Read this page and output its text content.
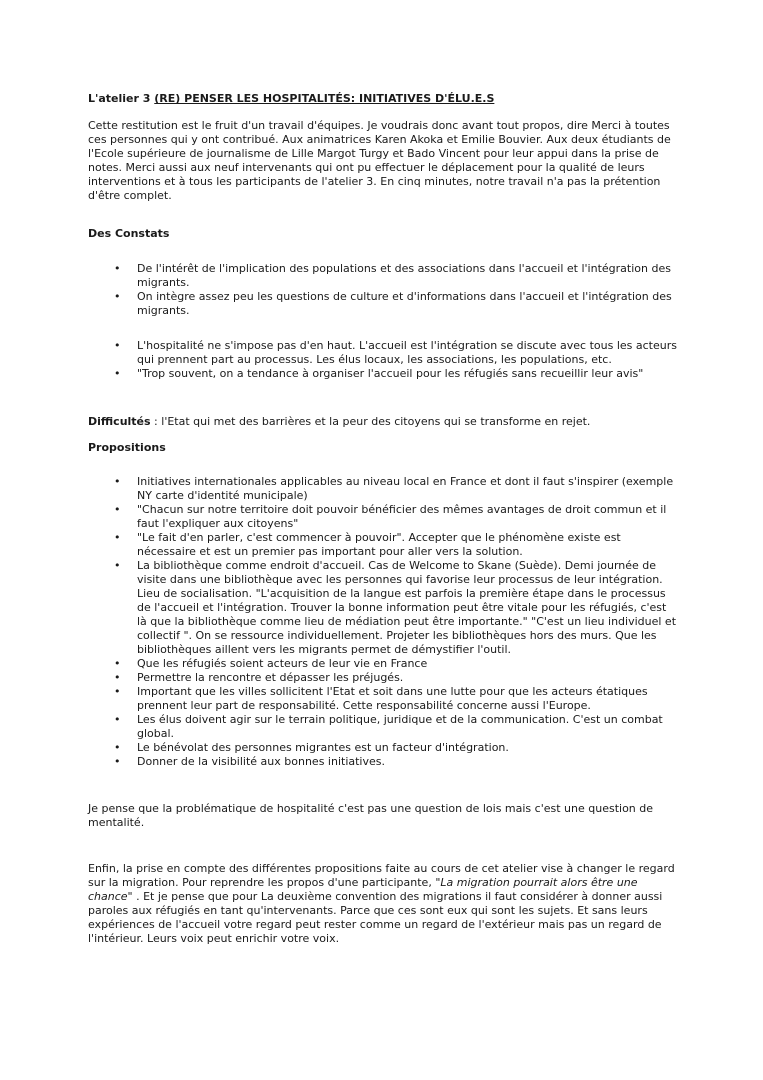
L'atelier 3 (RE) PENSER LES HOSPITALITÉS: INITIATIVES D'ÉLU.E.S

Cette restitution est le fruit d'un travail d'équipes. Je voudrais donc avant tout propos, dire Merci à toutes ces personnes qui y ont contribué. Aux animatrices Karen Akoka et Emilie Bouvier. Aux deux étudiants de l'Ecole supérieure de journalisme de Lille Margot Turgy et Bado Vincent pour leur appui dans la prise de notes. Merci aussi aux neuf intervenants qui ont pu effectuer le déplacement pour la qualité de leurs interventions et à tous les participants de l'atelier 3. En cinq minutes, notre travail n'a pas la prétention d'être complet.

Des Constats

• De l'intérêt de l'implication des populations et des associations dans l'accueil et l'intégration des migrants.
• On intègre assez peu les questions de culture et d'informations dans l'accueil et l'intégration des migrants.
• L'hospitalité ne s'impose pas d'en haut. L'accueil est l'intégration se discute avec tous les acteurs qui prennent part au processus. Les élus locaux, les associations, les populations, etc.
• "Trop souvent, on a tendance à organiser l'accueil pour les réfugiés sans recueillir leur avis"

Difficultés : l'Etat qui met des barrières et la peur des citoyens qui se transforme en rejet.

Propositions

• Initiatives internationales applicables au niveau local en France et dont il faut s'inspirer (exemple NY carte d'identité municipale)
• "Chacun sur notre territoire doit pouvoir bénéficier des mêmes avantages de droit commun et il faut l'expliquer aux citoyens"
• "Le fait d'en parler, c'est commencer à pouvoir". Accepter que le phénomène existe est nécessaire et est un premier pas important pour aller vers la solution.
• La bibliothèque comme endroit d'accueil. Cas de Welcome to Skane (Suède). Demi journée de visite dans une bibliothèque avec les personnes qui favorise leur processus de leur intégration. Lieu de socialisation. "L'acquisition de la langue est parfois la première étape dans le processus de l'accueil et l'intégration. Trouver la bonne information peut être vitale pour les réfugiés, c'est là que la bibliothèque comme lieu de médiation peut être importante." "C'est un lieu individuel et collectif ". On se ressource individuellement. Projeter les bibliothèques hors des murs. Que les bibliothèques aillent vers les migrants permet de démystifier l'outil.
• Que les réfugiés soient acteurs de leur vie en France
• Permettre la rencontre et dépasser les préjugés.
• Important que les villes sollicitent l'Etat et soit dans une lutte pour que les acteurs étatiques prennent leur part de responsabilité. Cette responsabilité concerne aussi l'Europe.
• Les élus doivent agir sur le terrain politique, juridique et de la communication. C'est un combat global.
• Le bénévolat des personnes migrantes est un facteur d'intégration.
• Donner de la visibilité aux bonnes initiatives.

Je pense que la problématique de hospitalité c'est pas une question de lois mais c'est une question de mentalité.

Enfin, la prise en compte des différentes propositions faite au cours de cet atelier vise à changer le regard sur la migration. Pour reprendre les propos d'une participante, "La migration pourrait alors être une chance" . Et je pense que pour La deuxième convention des migrations il faut considérer à donner aussi paroles aux réfugiés en tant qu'intervenants. Parce que ces sont eux qui sont les sujets. Et sans leurs expériences de l'accueil votre regard peut rester comme un regard de l'extérieur mais pas un regard de l'intérieur. Leurs voix peut enrichir votre voix.
